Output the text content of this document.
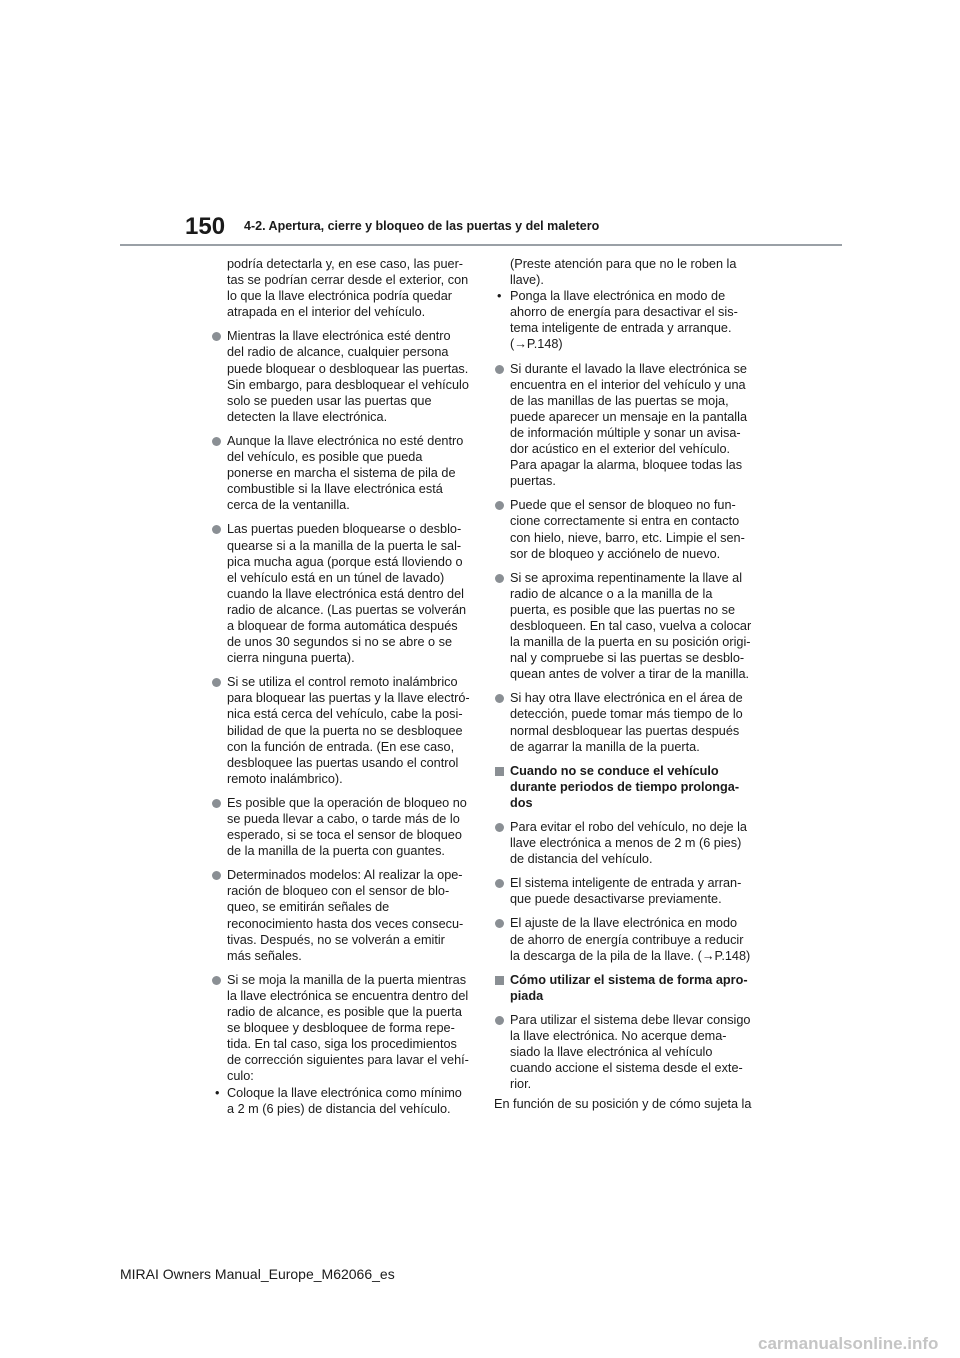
150 4-2. Apertura, cierre y bloqueo de las puertas y del maletero

podría detectarla y, en ese caso, las puer-
tas se podrían cerrar desde el exterior, con
lo que la llave electrónica podría quedar
atrapada en el interior del vehículo.

Mientras la llave electrónica esté dentro
del radio de alcance, cualquier persona
puede bloquear o desbloquear las puertas.
Sin embargo, para desbloquear el vehículo
solo se pueden usar las puertas que
detecten la llave electrónica.
Aunque la llave electrónica no esté dentro
del vehículo, es posible que pueda
ponerse en marcha el sistema de pila de
combustible si la llave electrónica está
cerca de la ventanilla.
Las puertas pueden bloquearse o desblo-
quearse si a la manilla de la puerta le sal-
pica mucha agua (porque está lloviendo o
el vehículo está en un túnel de lavado)
cuando la llave electrónica está dentro del
radio de alcance. (Las puertas se volverán
a bloquear de forma automática después
de unos 30 segundos si no se abre o se
cierra ninguna puerta).
Si se utiliza el control remoto inalámbrico
para bloquear las puertas y la llave electró-
nica está cerca del vehículo, cabe la posi-
bilidad de que la puerta no se desbloquee
con la función de entrada. (En ese caso,
desbloquee las puertas usando el control
remoto inalámbrico).
Es posible que la operación de bloqueo no
se pueda llevar a cabo, o tarde más de lo
esperado, si se toca el sensor de bloqueo
de la manilla de la puerta con guantes.
Determinados modelos: Al realizar la ope-
ración de bloqueo con el sensor de blo-
queo, se emitirán señales de
reconocimiento hasta dos veces consecu-
tivas. Después, no se volverán a emitir
más señales.
Si se moja la manilla de la puerta mientras
la llave electrónica se encuentra dentro del
radio de alcance, es posible que la puerta
se bloquee y desbloquee de forma repe-
tida. En tal caso, siga los procedimientos
de corrección siguientes para lavar el vehí-
culo:
• Coloque la llave electrónica como mínimo
a 2 m (6 pies) de distancia del vehículo.

(Preste atención para que no le roben la
llave).

• Ponga la llave electrónica en modo de
ahorro de energía para desactivar el sis-
tema inteligente de entrada y arranque.
(→P.148)
Si durante el lavado la llave electrónica se
encuentra en el interior del vehículo y una
de las manillas de las puertas se moja,
puede aparecer un mensaje en la pantalla
de información múltiple y sonar un avisa-
dor acústico en el exterior del vehículo.
Para apagar la alarma, bloquee todas las
puertas.
Puede que el sensor de bloqueo no fun-
cione correctamente si entra en contacto
con hielo, nieve, barro, etc. Limpie el sen-
sor de bloqueo y acciónelo de nuevo.
Si se aproxima repentinamente la llave al
radio de alcance o a la manilla de la
puerta, es posible que las puertas no se
desbloqueen. En tal caso, vuelva a colocar
la manilla de la puerta en su posición origi-
nal y compruebe si las puertas se desblo-
quean antes de volver a tirar de la manilla.
Si hay otra llave electrónica en el área de
detección, puede tomar más tiempo de lo
normal desbloquear las puertas después
de agarrar la manilla de la puerta.
Cuando no se conduce el vehículo
durante periodos de tiempo prolonga-
dos
Para evitar el robo del vehículo, no deje la
llave electrónica a menos de 2 m (6 pies)
de distancia del vehículo.
El sistema inteligente de entrada y arran-
que puede desactivarse previamente.
El ajuste de la llave electrónica en modo
de ahorro de energía contribuye a reducir
la descarga de la pila de la llave. (→P.148)
Cómo utilizar el sistema de forma apro-
piada
Para utilizar el sistema debe llevar consigo
la llave electrónica. No acerque dema-
siado la llave electrónica al vehículo
cuando accione el sistema desde el exte-
rior.

En función de su posición y de cómo sujeta la

MIRAI Owners Manual_Europe_M62066_es
carmanualsonline.info
